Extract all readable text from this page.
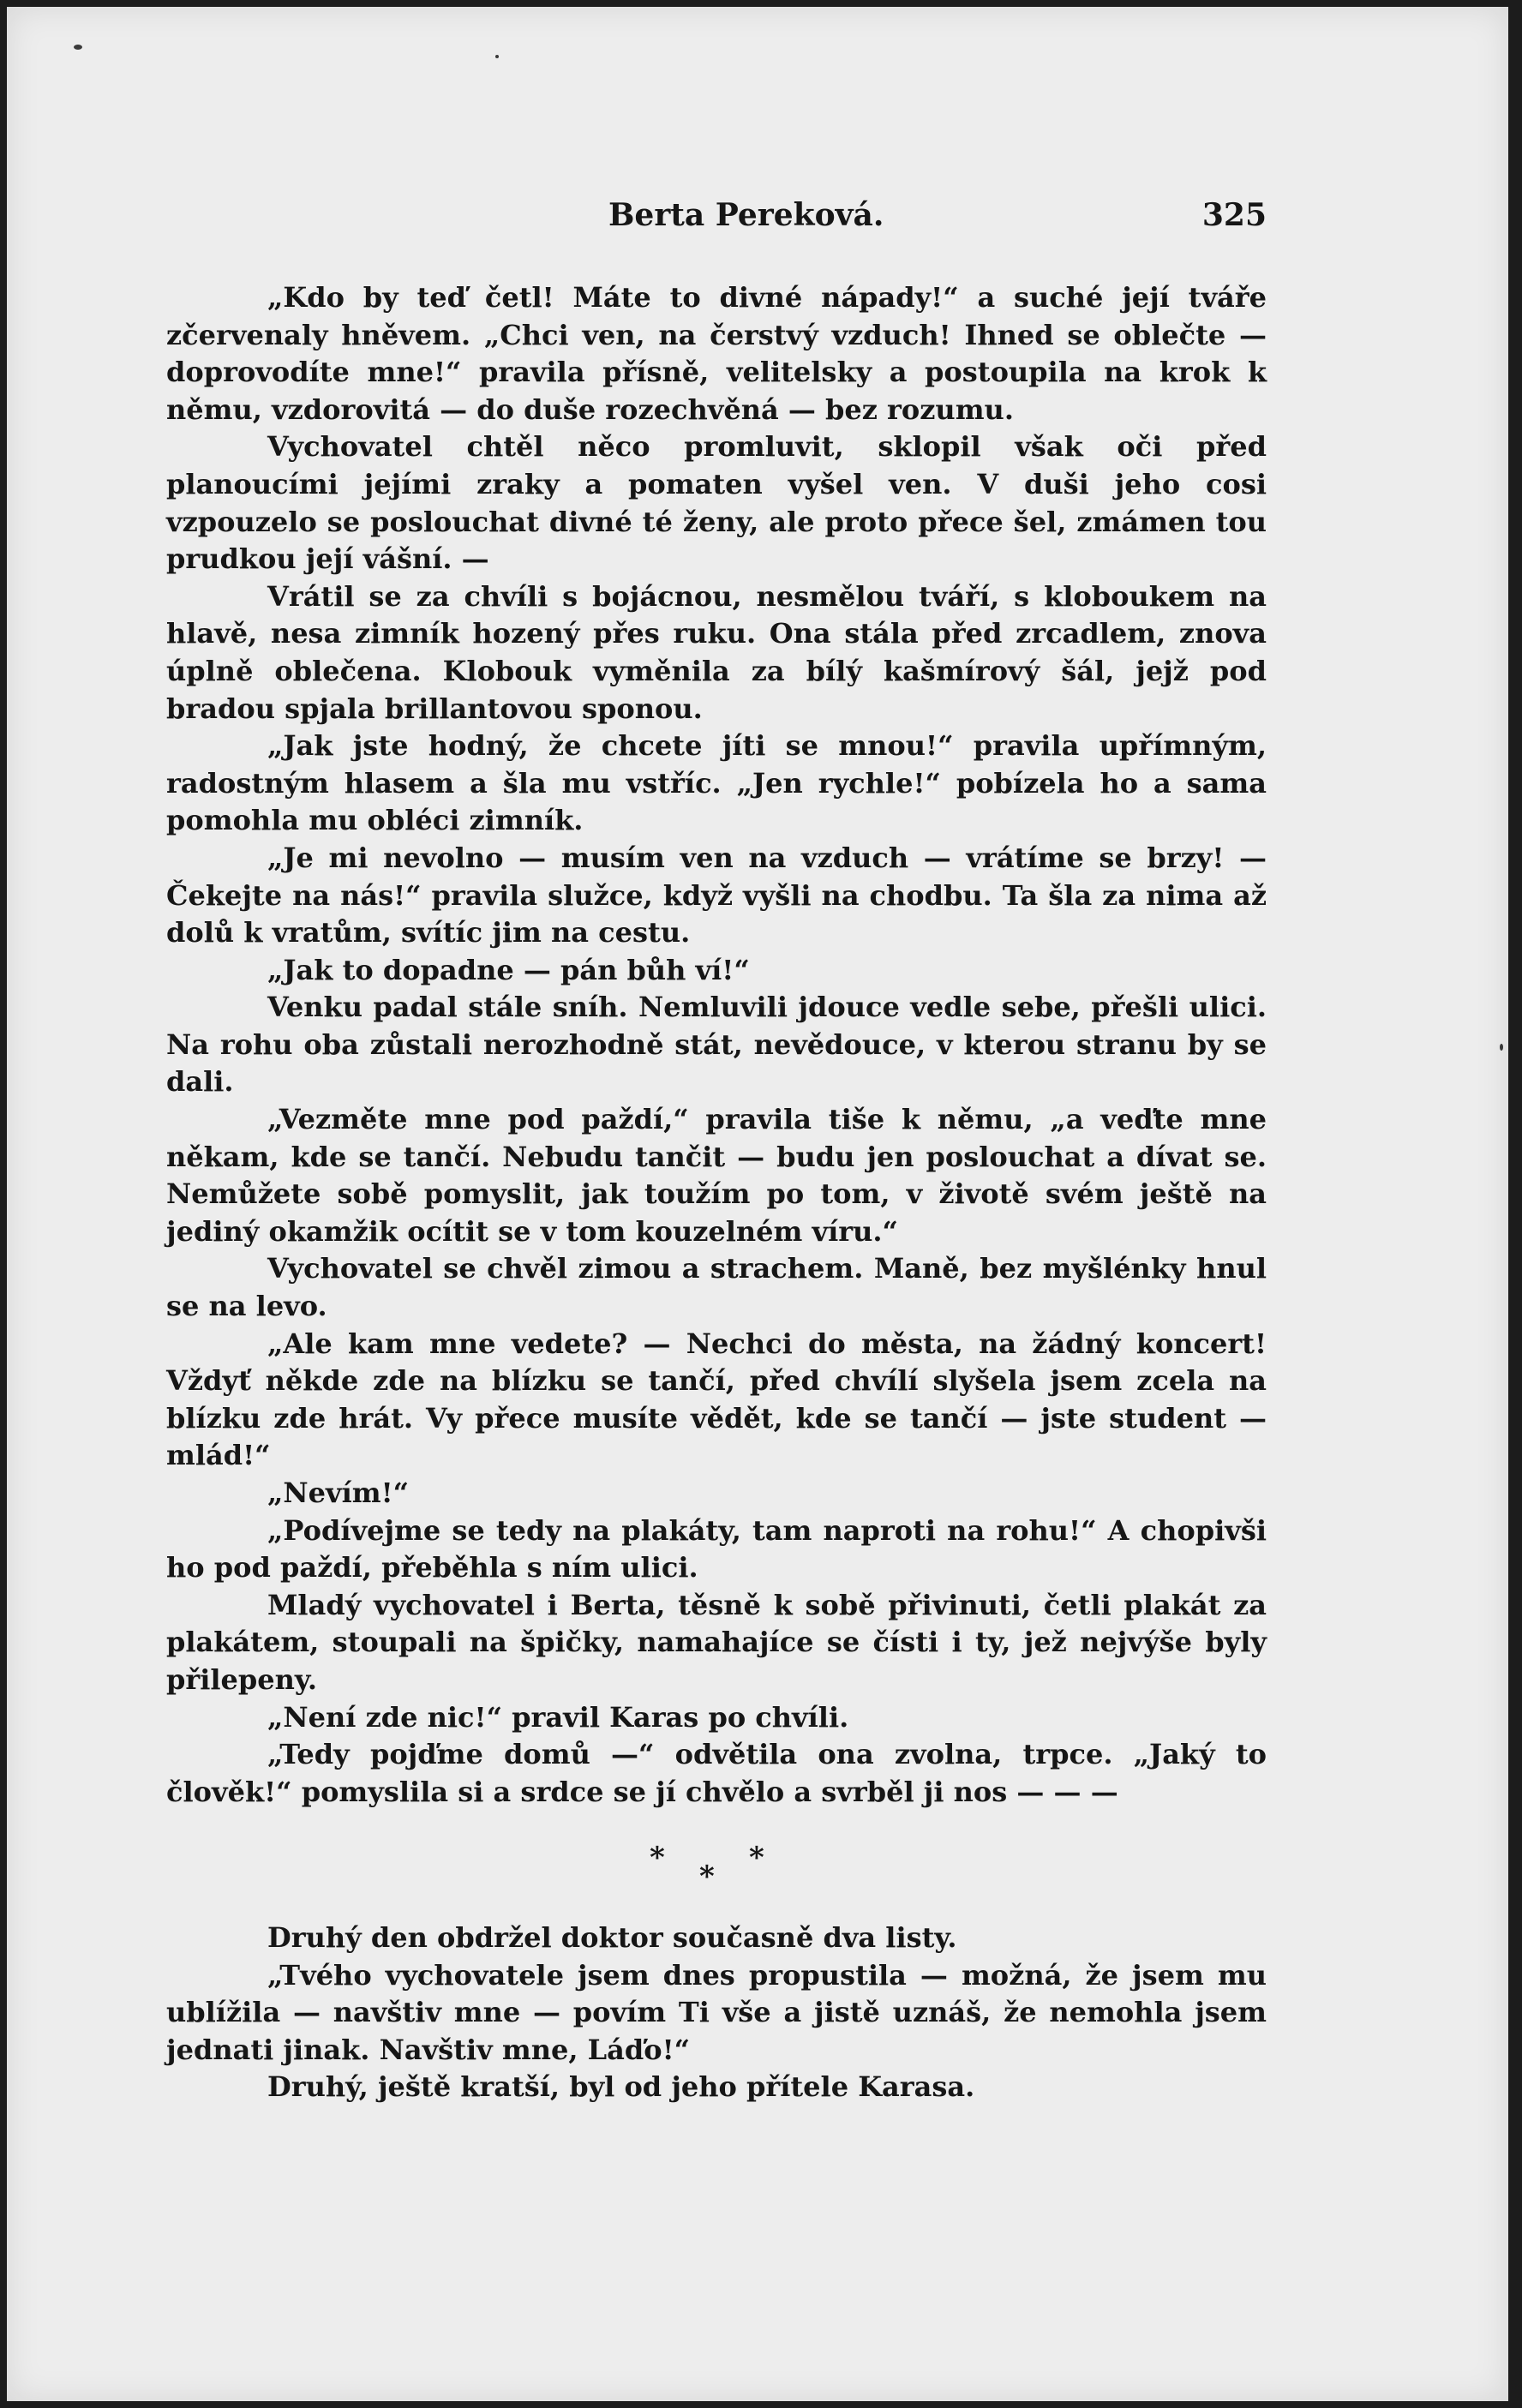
Berta Pereková.	325

„Kdo by teď četl! Máte to divné nápady!“ a suché její tváře zčervenaly hněvem. „Chci ven, na čerstvý vzduch! Ihned se oblečte — doprovodíte mne!“ pravila přísně, velitelsky a postoupila na krok k němu, vzdorovitá — do duše rozechvěná — bez rozumu.

Vychovatel chtěl něco promluvit, sklopil však oči před planoucími jejími zraky a pomaten vyšel ven. V duši jeho cosi vzpouzelo se poslouchat divné té ženy, ale proto přece šel, zmámen tou prudkou její vášní. —

Vrátil se za chvíli s bojácnou, nesmělou tváří, s kloboukem na hlavě, nesa zimník hozený přes ruku. Ona stála před zrcadlem, znova úplně oblečena. Klobouk vyměnila za bílý kašmírový šál, jejž pod bradou spjala brillantovou sponou.

„Jak jste hodný, že chcete jíti se mnou!“ pravila upřímným, radostným hlasem a šla mu vstříc. „Jen rychle!“ pobízela ho a sama pomohla mu obléci zimník.

„Je mi nevolno — musím ven na vzduch — vrátíme se brzy! — Čekejte na nás!“ pravila služce, když vyšli na chodbu. Ta šla za nima až dolů k vratům, svítíc jim na cestu.

„Jak to dopadne — pán bůh ví!“

Venku padal stále sníh. Nemluvili jdouce vedle sebe, přešli ulici. Na rohu oba zůstali nerozhodně stát, nevědouce, v kterou stranu by se dali.

„Vezměte mne pod paždí,“ pravila tiše k němu, „a veďte mne někam, kde se tančí. Nebudu tančit — budu jen poslouchat a dívat se. Nemůžete sobě pomyslit, jak toužím po tom, v životě svém ještě na jediný okamžik ocítit se v tom kouzelném víru.“

Vychovatel se chvěl zimou a strachem. Maně, bez myšlénky hnul se na levo.

„Ale kam mne vedete? — Nechci do města, na žádný koncert! Vždyť někde zde na blízku se tančí, před chvílí slyšela jsem zcela na blízku zde hrát. Vy přece musíte vědět, kde se tančí — jste student — mlád!“

„Nevím!“

„Podívejme se tedy na plakáty, tam naproti na rohu!“ A chopivši ho pod paždí, přeběhla s ním ulici.

Mladý vychovatel i Berta, těsně k sobě přivinuti, četli plakát za plakátem, stoupali na špičky, namahajíce se čísti i ty, jež nejvýše byly přilepeny.

„Není zde nic!“ pravil Karas po chvíli.

„Tedy pojďme domů —“ odvětila ona zvolna, trpce. „Jaký to člověk!“ pomyslila si a srdce se jí chvělo a svrběl ji nos — — —

*
*
*

Druhý den obdržel doktor současně dva listy.

„Tvého vychovatele jsem dnes propustila — možná, že jsem mu ublížila — navštiv mne — povím Ti vše a jistě uznáš, že nemohla jsem jednati jinak. Navštiv mne, Láďo!“

Druhý, ještě kratší, byl od jeho přítele Karasa.
